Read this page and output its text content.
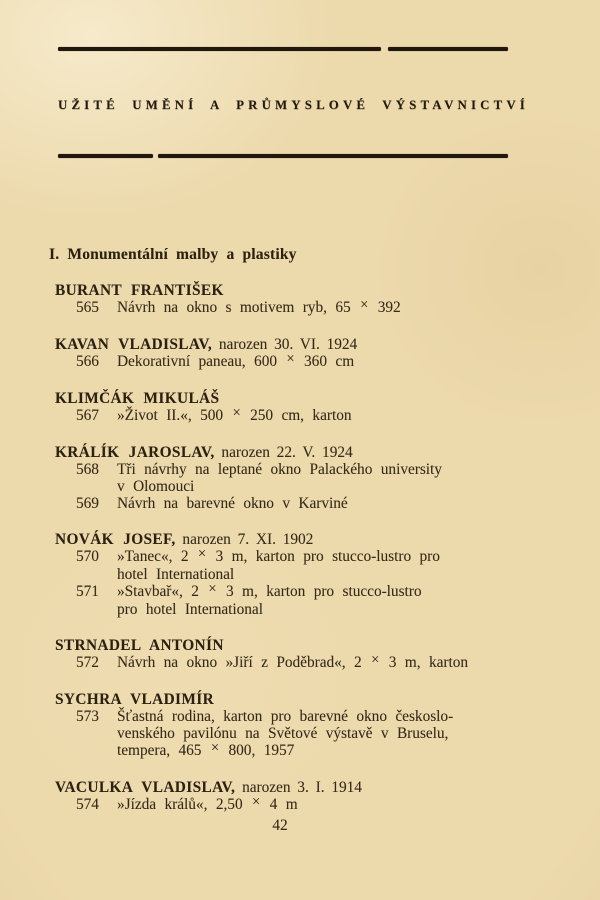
UŽITÉ UMĚNÍ A PRŮMYSLOVÉ VÝSTAVNICTVÍ
I. Monumentální malby a plastiky
BURANT FRANTIŠEK
565	Návrh na okno s motivem ryb, 65 × 392
KAVAN VLADISLAV, narozen 30. VI. 1924
566	Dekorativní paneau, 600 × 360 cm
KLIMČÁK MIKULÁŠ
567	»Život II.«, 500 × 250 cm, karton
KRÁLÍK JAROSLAV, narozen 22. V. 1924
568	Tři návrhy na leptané okno Palackého university
v Olomouci
569	Návrh na barevné okno v Karviné
NOVÁK JOSEF, narozen 7. XI. 1902
570	»Tanec«, 2 × 3 m, karton pro stucco-lustro pro
hotel International
571	»Stavbař«, 2 × 3 m, karton pro stucco-lustro
pro hotel International
STRNADEL ANTONÍN
572	Návrh na okno »Jiří z Poděbrad«, 2 × 3 m, karton
SYCHRA VLADIMÍR
573	Šťastná rodina, karton pro barevné okno českoslo-
venského pavilónu na Světové výstavě v Bruselu,
tempera, 465 × 800, 1957
VACULKA VLADISLAV, narozen 3. I. 1914
574	»Jízda králů«, 2,50 × 4 m
42
